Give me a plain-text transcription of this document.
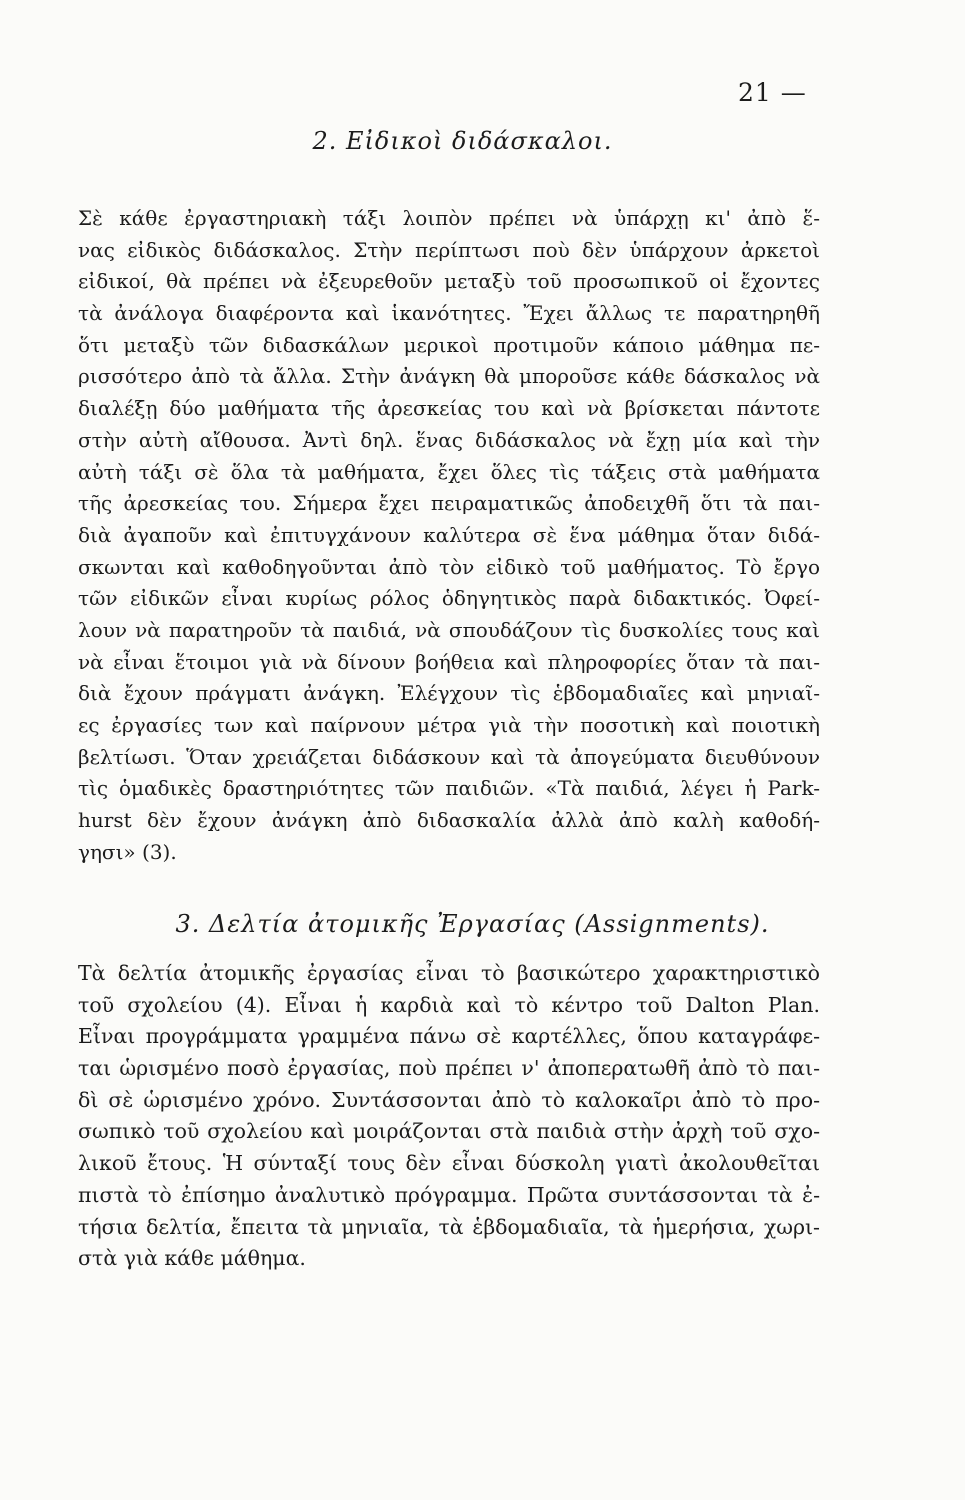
21 —
2. Εἰδικοὶ διδάσκαλοι.
Σὲ κάθε ἐργαστηριακὴ τάξι λοιπὸν πρέπει νὰ ὑπάρχῃ κι' ἀπὸ ἕ-
νας εἰδικὸς διδάσκαλος. Στὴν περίπτωσι ποὺ δὲν ὑπάρχουν ἀρκετοὶ
εἰδικοί, θὰ πρέπει νὰ ἐξευρεθοῦν μεταξὺ τοῦ προσωπικοῦ οἱ ἔχοντες
τὰ ἀνάλογα διαφέροντα καὶ ἱκανότητες. Ἔχει ἄλλως τε παρατηρηθῆ
ὅτι μεταξὺ τῶν διδασκάλων μερικοὶ προτιμοῦν κάποιο μάθημα πε-
ρισσότερο ἀπὸ τὰ ἄλλα. Στὴν ἀνάγκη θὰ μποροῦσε κάθε δάσκαλος νὰ
διαλέξῃ δύο μαθήματα τῆς ἀρεσκείας του καὶ νὰ βρίσκεται πάντοτε
στὴν αὐτὴ αἴθουσα. Ἀντὶ δηλ. ἕνας διδάσκαλος νὰ ἔχῃ μία καὶ τὴν
αὐτὴ τάξι σὲ ὅλα τὰ μαθήματα, ἔχει ὅλες τὶς τάξεις στὰ μαθήματα
τῆς ἀρεσκείας του. Σήμερα ἔχει πειραματικῶς ἀποδειχθῆ ὅτι τὰ παι-
διὰ ἀγαποῦν καὶ ἐπιτυγχάνουν καλύτερα σὲ ἕνα μάθημα ὅταν διδά-
σκωνται καὶ καθοδηγοῦνται ἀπὸ τὸν εἰδικὸ τοῦ μαθήματος. Τὸ ἔργο
τῶν εἰδικῶν εἶναι κυρίως ρόλος ὁδηγητικὸς παρὰ διδακτικός. Ὀφεί-
λουν νὰ παρατηροῦν τὰ παιδιά, νὰ σπουδάζουν τὶς δυσκολίες τους καὶ
νὰ εἶναι ἕτοιμοι γιὰ νὰ δίνουν βοήθεια καὶ πληροφορίες ὅταν τὰ παι-
διὰ ἔχουν πράγματι ἀνάγκη. Ἐλέγχουν τὶς ἑβδομαδιαῖες καὶ μηνιαῖ-
ες ἐργασίες των καὶ παίρνουν μέτρα γιὰ τὴν ποσοτικὴ καὶ ποιοτικὴ
βελτίωσι. Ὅταν χρειάζεται διδάσκουν καὶ τὰ ἀπογεύματα διευθύνουν
τὶς ὁμαδικὲς δραστηριότητες τῶν παιδιῶν. «Τὰ παιδιά, λέγει ἡ Park-
hurst δὲν ἔχουν ἀνάγκη ἀπὸ διδασκαλία ἀλλὰ ἀπὸ καλὴ καθοδή-
γησι» (3).
3. Δελτία ἀτομικῆς Ἐργασίας (Assignments).
Τὰ δελτία ἀτομικῆς ἐργασίας εἶναι τὸ βασικώτερο χαρακτηριστικὸ
τοῦ σχολείου (4). Εἶναι ἡ καρδιὰ καὶ τὸ κέντρο τοῦ Dalton Plan.
Εἶναι προγράμματα γραμμένα πάνω σὲ καρτέλλες, ὅπου καταγράφε-
ται ὡρισμένο ποσὸ ἐργασίας, ποὺ πρέπει ν' ἀποπερατωθῆ ἀπὸ τὸ παι-
δὶ σὲ ὡρισμένο χρόνο. Συντάσσονται ἀπὸ τὸ καλοκαῖρι ἀπὸ τὸ προ-
σωπικὸ τοῦ σχολείου καὶ μοιράζονται στὰ παιδιὰ στὴν ἀρχὴ τοῦ σχο-
λικοῦ ἔτους. Ἡ σύνταξί τους δὲν εἶναι δύσκολη γιατὶ ἀκολουθεῖται
πιστὰ τὸ ἐπίσημο ἀναλυτικὸ πρόγραμμα. Πρῶτα συντάσσονται τὰ ἐ-
τήσια δελτία, ἔπειτα τὰ μηνιαῖα, τὰ ἑβδομαδιαῖα, τὰ ἡμερήσια, χωρι-
στὰ γιὰ κάθε μάθημα.
